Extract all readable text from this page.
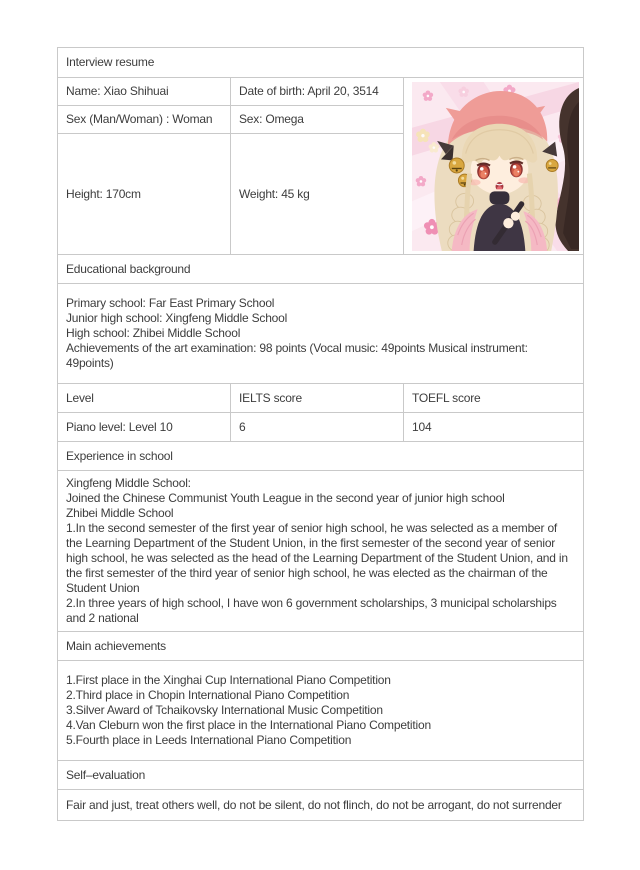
Interview resume		
Name: Xiao Shihuai	Date of birth: April 20, 3514	

Sex (Man/Woman) : Woman	Sex: Omega	
Height: 170cm	Weight: 45 kg	
Educational background		

Primary school: Far East Primary School
Junior high school: Xingfeng Middle School
High school: Zhibei Middle School
Achievements of the art examination: 98 points (Vocal music: 49points Musical instrument: 49points)		

Level	IELTS score	TOEFL score
Piano level: Level 10	6	104
Experience in school		

Xingfeng Middle School:
Joined the Chinese Communist Youth League in the second year of junior high school
Zhibei Middle School
1.In the second semester of the first year of senior high school, he was selected as a member of the Learning Department of the Student Union, in the first semester of the second year of senior high school, he was selected as the head of the Learning Department of the Student Union, and in the first semester of the third year of senior high school, he was elected as the chairman of the Student Union
2.In three years of high school, I have won 6 government scholarships, 3 municipal scholarships and 2 national		

Main achievements		

1.First place in the Xinghai Cup International Piano Competition
2.Third place in Chopin International Piano Competition
3.Silver Award of Tchaikovsky International Music Competition
4.Van Cleburn won the first place in the International Piano Competition
5.Fourth place in Leeds International Piano Competition		

Self–evaluation		

Fair and just, treat others well, do not be silent, do not flinch, do not be arrogant, do not surrender		
